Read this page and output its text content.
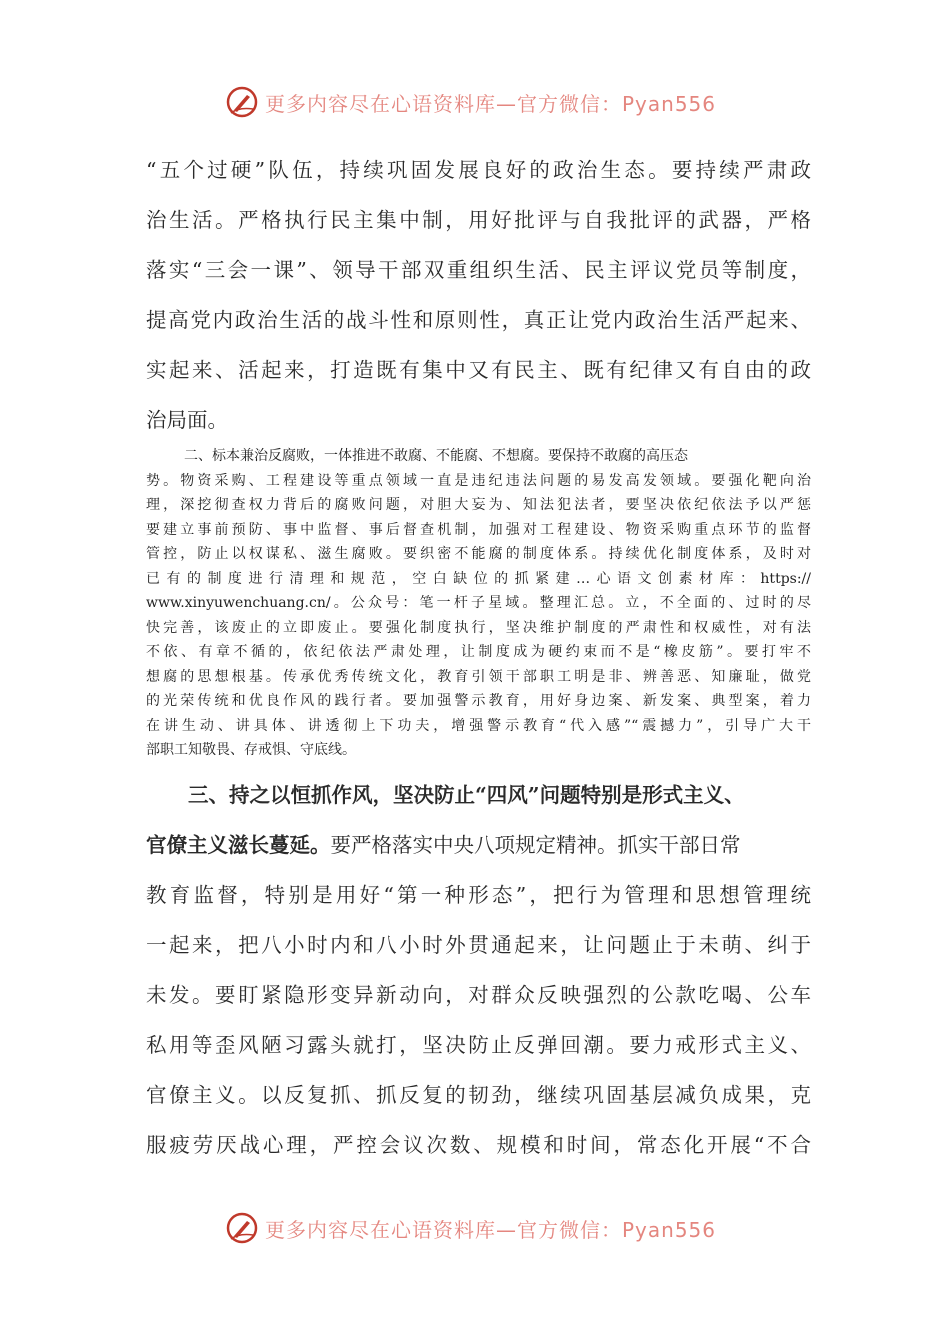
更多内容尽在心语资料库—官方微信：Pyan556
“五个过硬”队伍，持续巩固发展良好的政治生态。要持续严肃政
治生活。严格执行民主集中制，用好批评与自我批评的武器，严格
落实“三会一课”、领导干部双重组织生活、民主评议党员等制度，
提高党内政治生活的战斗性和原则性，真正让党内政治生活严起来、
实起来、活起来，打造既有集中又有民主、既有纪律又有自由的政
治局面。
二、标本兼治反腐败，一体推进不敢腐、不能腐、不想腐。要保持不敢腐的高压态
势。物资采购、工程建设等重点领域一直是违纪违法问题的易发高发领域。要强化靶向治
理，深挖彻查权力背后的腐败问题，对胆大妄为、知法犯法者，要坚决依纪依法予以严惩
要建立事前预防、事中监督、事后督查机制，加强对工程建设、物资采购重点环节的监督
管控，防止以权谋私、滋生腐败。要织密不能腐的制度体系。持续优化制度体系，及时对
已有的制度进行清理和规范，空白缺位的抓紧建…心语文创素材库：https://
www.xinyuwenchuang.cn/。公众号：笔一杆子星域。整理汇总。立，不全面的、过时的尽
快完善，该废止的立即废止。要强化制度执行，坚决维护制度的严肃性和权威性，对有法
不依、有章不循的，依纪依法严肃处理，让制度成为硬约束而不是“橡皮筋”。要打牢不
想腐的思想根基。传承优秀传统文化，教育引领干部职工明是非、辨善恶、知廉耻，做党
的光荣传统和优良作风的践行者。要加强警示教育，用好身边案、新发案、典型案，着力
在讲生动、讲具体、讲透彻上下功夫，增强警示教育“代入感”“震撼力”，引导广大干
部职工知敬畏、存戒惧、守底线。
三、持之以恒抓作风，坚决防止“四风”问题特别是形式主义、
官僚主义滋长蔓延。要严格落实中央八项规定精神。抓实干部日常
教育监督，特别是用好“第一种形态”，把行为管理和思想管理统
一起来，把八小时内和八小时外贯通起来，让问题止于未萌、纠于
未发。要盯紧隐形变异新动向，对群众反映强烈的公款吃喝、公车
私用等歪风陋习露头就打，坚决防止反弹回潮。要力戒形式主义、
官僚主义。以反复抓、抓反复的韧劲，继续巩固基层减负成果，克
服疲劳厌战心理，严控会议次数、规模和时间，常态化开展“不合
更多内容尽在心语资料库—官方微信：Pyan556
